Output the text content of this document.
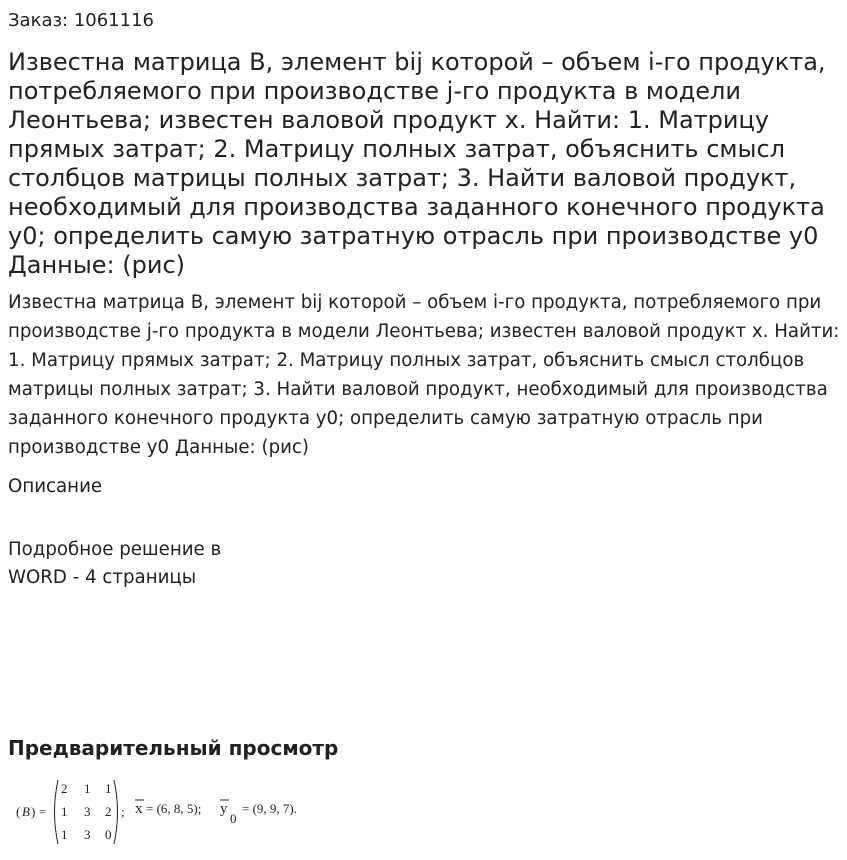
Заказ: 1061116
Известна матрица B, элемент bij которой – объем i-го продукта, потребляемого при производстве j-го продукта в модели Леонтьева; известен валовой продукт x. Найти: 1. Матрицу прямых затрат; 2. Матрицу полных затрат, объяснить смысл столбцов матрицы полных затрат; 3. Найти валовой продукт, необходимый для производства заданного конечного продукта y0; определить самую затратную отрасль при производстве y0 Данные: (рис)

Известна матрица B, элемент bij которой – объем i-го продукта, потребляемого при производстве j-го продукта в модели Леонтьева; известен валовой продукт x. Найти: 1. Матрицу прямых затрат; 2. Матрицу полных затрат, объяснить смысл столбцов матрицы полных затрат; 3. Найти валовой продукт, необходимый для производства заданного конечного продукта y0; определить самую затратную отрасль при производстве y0 Данные: (рис)

Описание
Подробное решение в
WORD - 4 страницы
Предварительный просмотр
( B ) =
2 1 1
1 3 2
1 3 0
; x = (6, 8, 5); y
0
= (9, 9, 7).
